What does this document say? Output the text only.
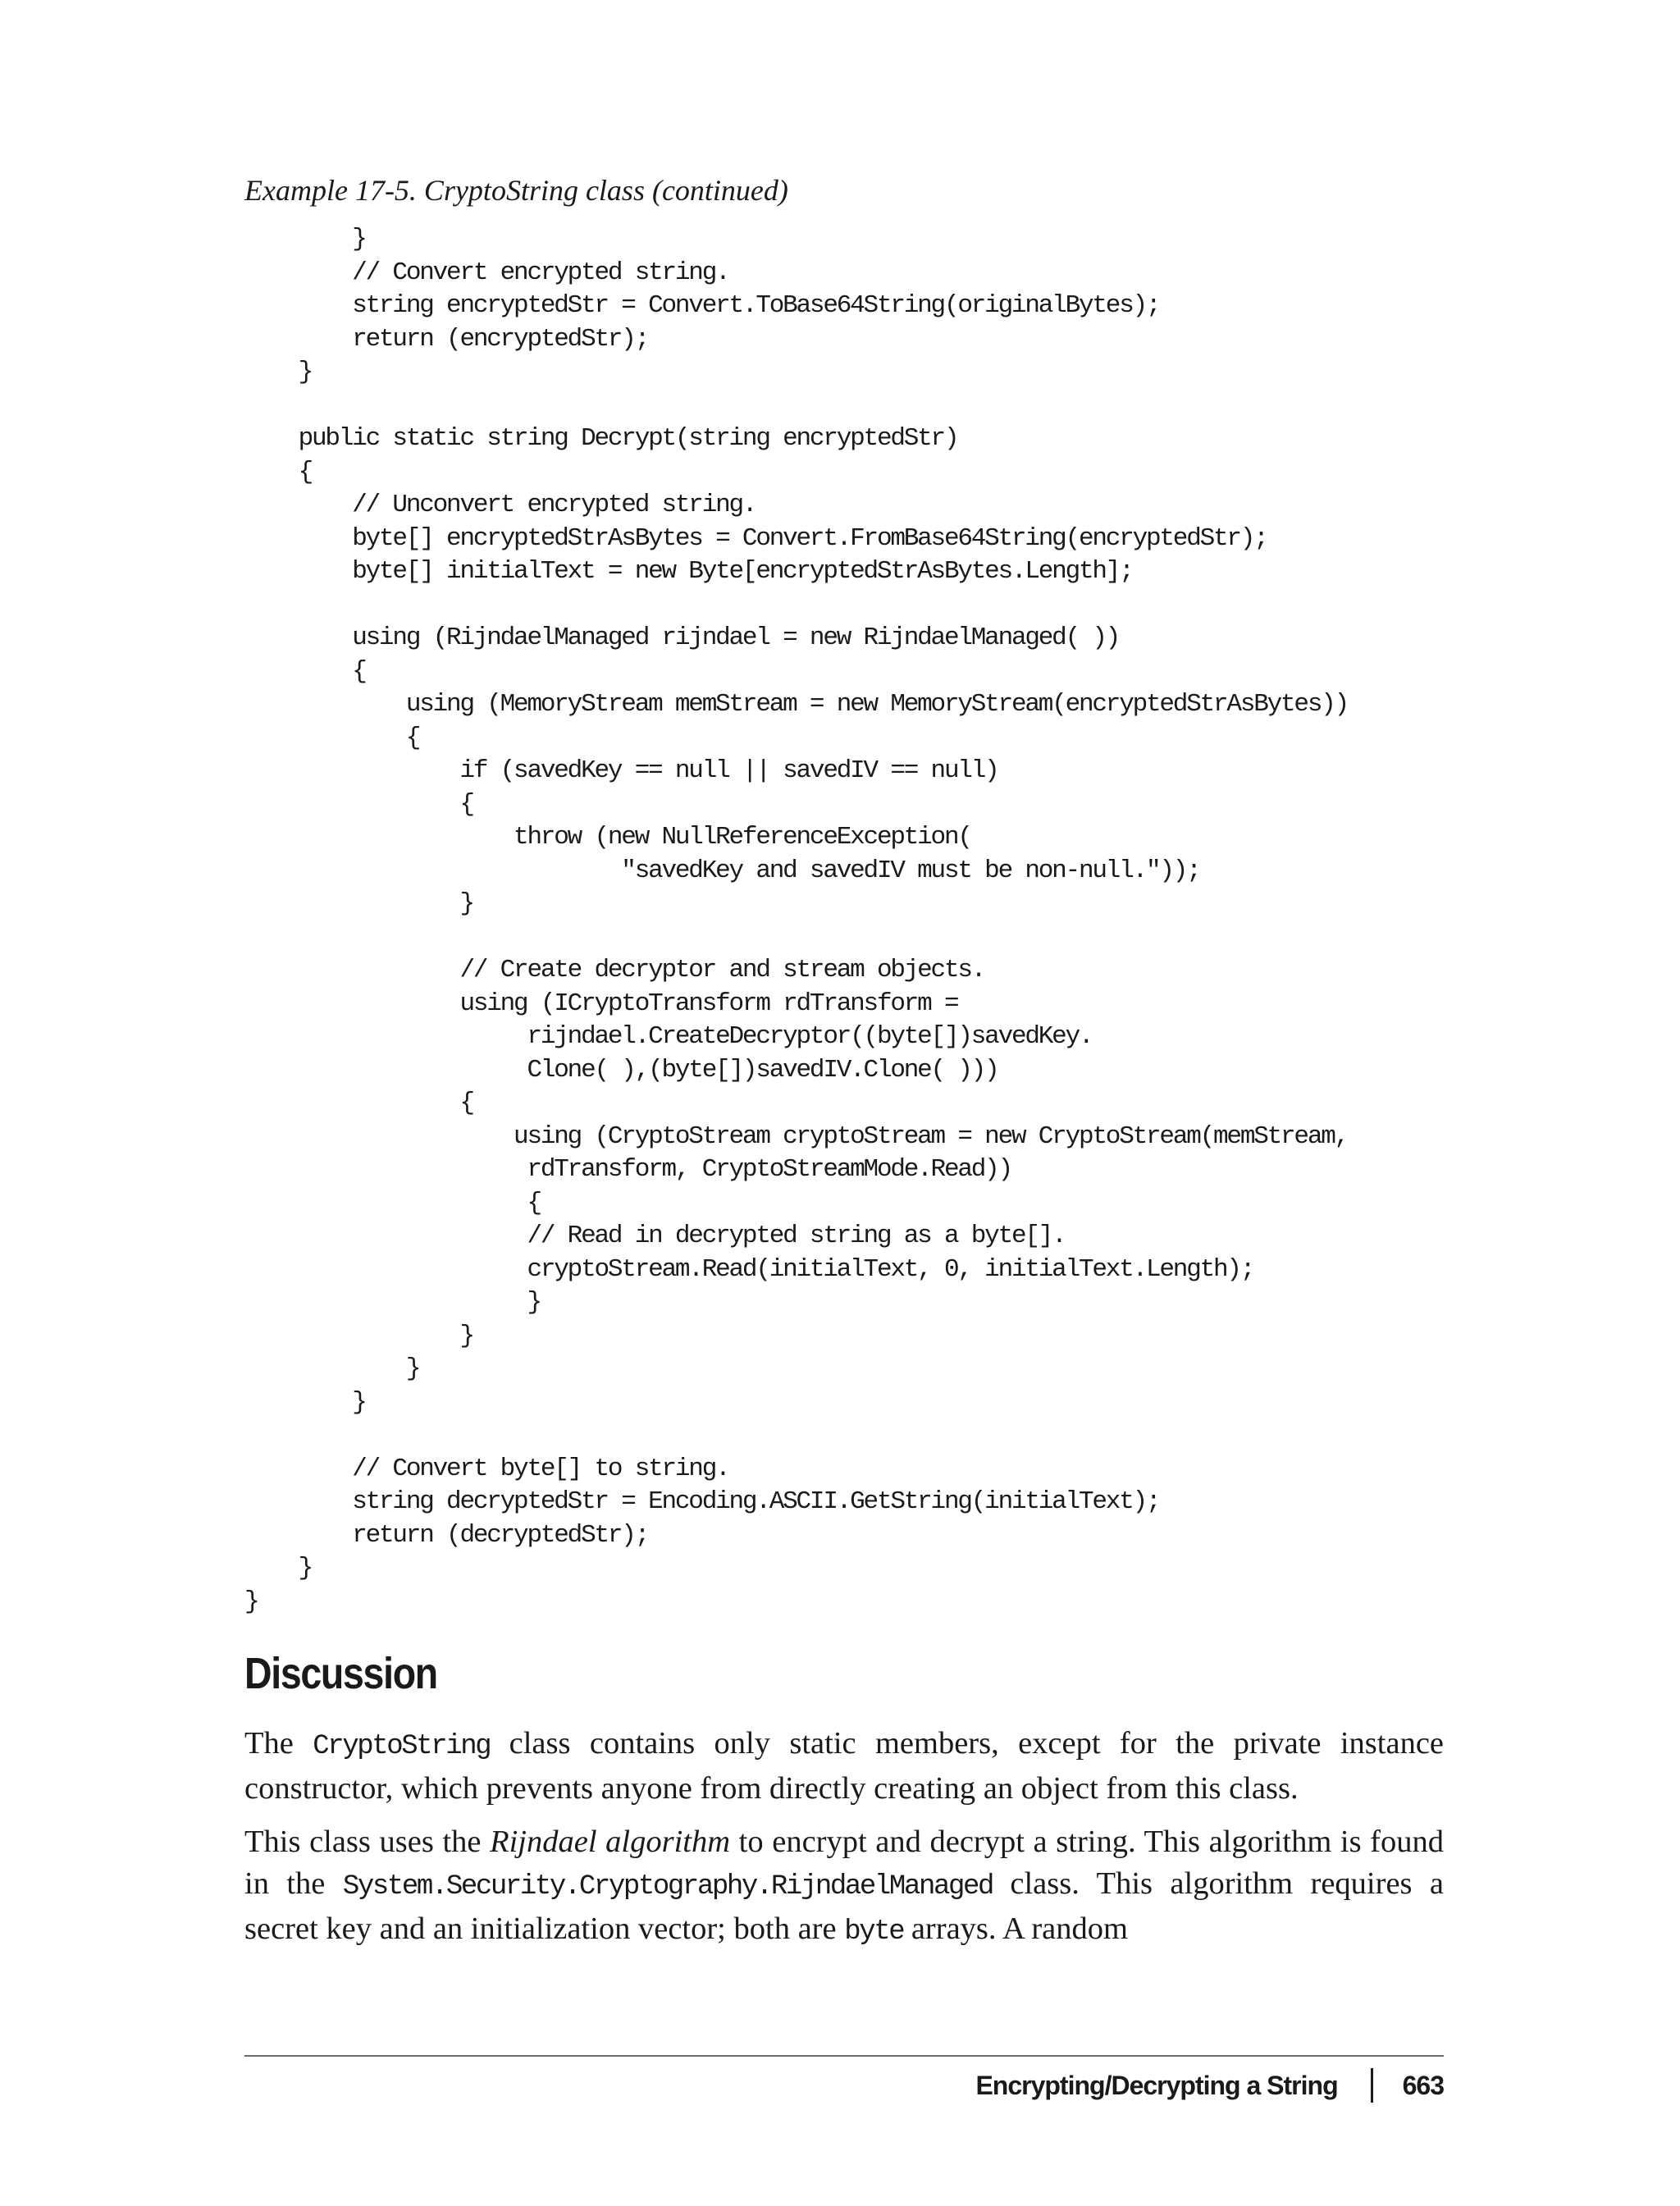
Example 17-5. CryptoString class (continued)

}
// Convert encrypted string.
string encryptedStr = Convert.ToBase64String(originalBytes);
return (encryptedStr);
}

public static string Decrypt(string encryptedStr)
{
// Unconvert encrypted string.
byte[] encryptedStrAsBytes = Convert.FromBase64String(encryptedStr);
byte[] initialText = new Byte[encryptedStrAsBytes.Length];

using (RijndaelManaged rijndael = new RijndaelManaged( ))
{
using (MemoryStream memStream = new MemoryStream(encryptedStrAsBytes))
{
if (savedKey == null || savedIV == null)
{
throw (new NullReferenceException(
"savedKey and savedIV must be non-null."));
}

// Create decryptor and stream objects.
using (ICryptoTransform rdTransform =
rijndael.CreateDecryptor((byte[])savedKey.
Clone( ),(byte[])savedIV.Clone( )))
{
using (CryptoStream cryptoStream = new CryptoStream(memStream,
rdTransform, CryptoStreamMode.Read))
{
// Read in decrypted string as a byte[].
cryptoStream.Read(initialText, 0, initialText.Length);
}
}
}
}

// Convert byte[] to string.
string decryptedStr = Encoding.ASCII.GetString(initialText);
return (decryptedStr);
}
}
Discussion

The CryptoString class contains only static members, except for the private instance constructor, which prevents anyone from directly creating an object from this class.

This class uses the Rijndael algorithm to encrypt and decrypt a string. This algorithm is found in the System.Security.Cryptography.RijndaelManaged class. This algorithm requires a secret key and an initialization vector; both are byte arrays. A random

Encrypting/Decrypting a String 663
